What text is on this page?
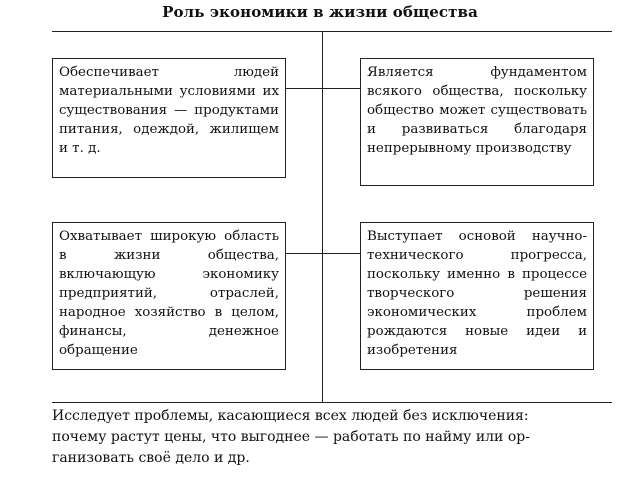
Роль экономики в жизни общества

Обеспечивает людей материальными условиями их существования — продуктами питания, одеждой, жилищем и т. д.

Является фундаментом всякого общества, поскольку общество может существовать и развиваться благодаря непрерывному производству

Охватывает широкую область в жизни общества, включающую экономику предприятий, отраслей, народное хозяйство в целом, финансы, денежное обращение

Выступает основой научно-технического прогресса, поскольку именно в процессе творческого решения экономических проблем рождаются новые идеи и изобретения

Исследует проблемы, касающиеся всех людей без исключения:
почему растут цены, что выгоднее — работать по найму или ор-
ганизовать своё дело и др.
